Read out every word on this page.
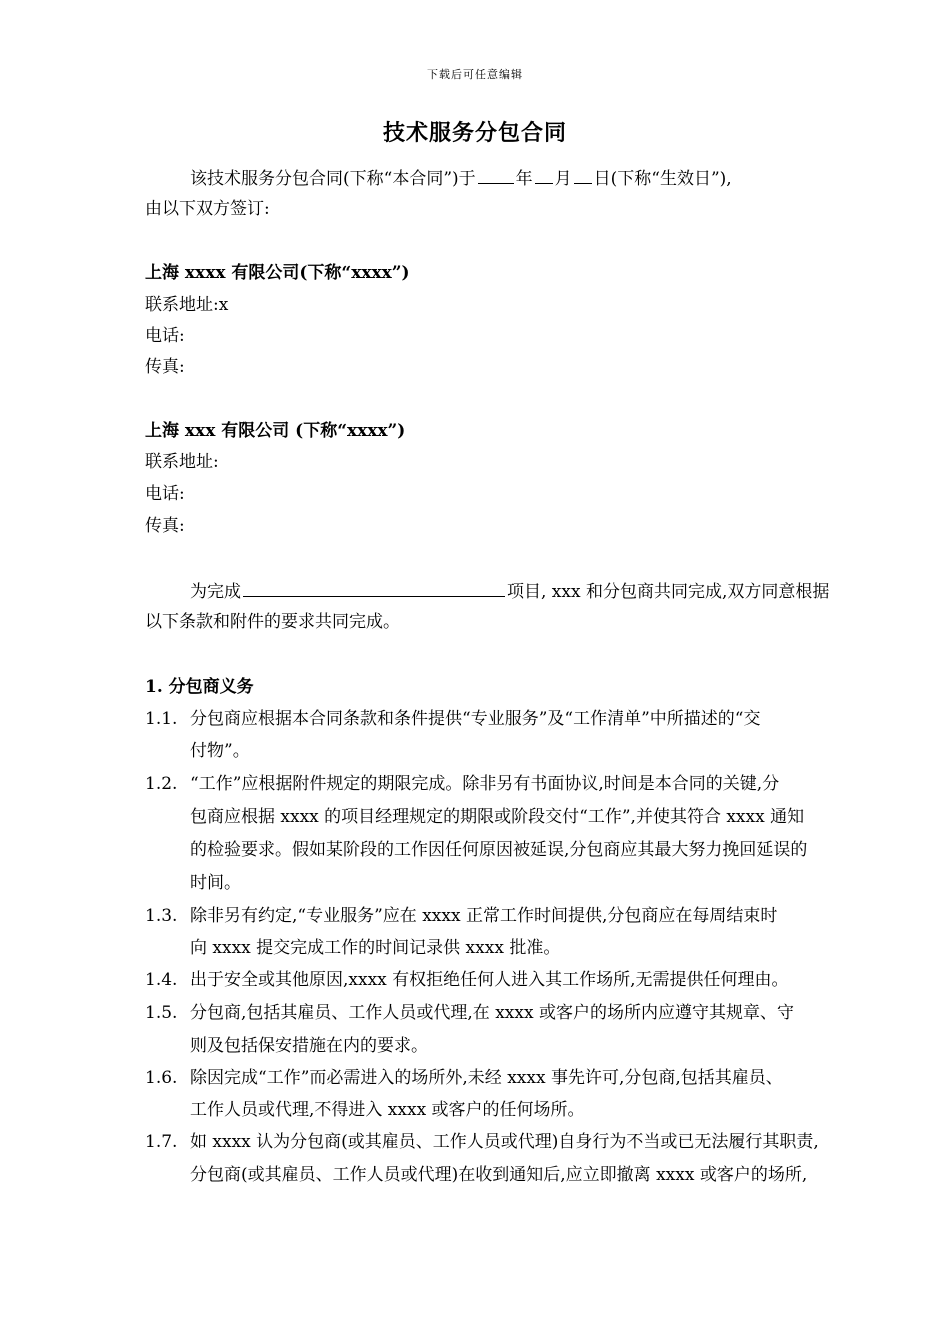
下载后可任意编辑
技术服务分包合同
该技术服务分包合同(下称“本合同”)于 年 月 日(下称“生效日”),
由以下双方签订:
上海 xxxx 有限公司(下称“xxxx”)
联系地址:x
电话:
传真:
上海 xxx 有限公司 (下称“xxxx”)
联系地址:
电话:
传真:
为完成	项目, xxx 和分包商共同完成,双方同意根据
以下条款和附件的要求共同完成。
1. 分包商义务
1.1. 分包商应根据本合同条款和条件提供“专业服务”及“工作清单”中所描述的“交
付物”。
1.2. “工作”应根据附件规定的期限完成。除非另有书面协议,时间是本合同的关键,分
包商应根据 xxxx 的项目经理规定的期限或阶段交付“工作”,并使其符合 xxxx 通知
的检验要求。假如某阶段的工作因任何原因被延误,分包商应其最大努力挽回延误的
时间。
1.3. 除非另有约定,“专业服务”应在 xxxx 正常工作时间提供,分包商应在每周结束时
向 xxxx 提交完成工作的时间记录供 xxxx 批准。
1.4. 出于安全或其他原因,xxxx 有权拒绝任何人进入其工作场所,无需提供任何理由。
1.5. 分包商,包括其雇员、工作人员或代理,在 xxxx 或客户的场所内应遵守其规章、守
则及包括保安措施在内的要求。
1.6. 除因完成“工作”而必需进入的场所外,未经 xxxx 事先许可,分包商,包括其雇员、
工作人员或代理,不得进入 xxxx 或客户的任何场所。
1.7. 如 xxxx 认为分包商(或其雇员、工作人员或代理)自身行为不当或已无法履行其职责,
分包商(或其雇员、工作人员或代理)在收到通知后,应立即撤离 xxxx 或客户的场所,
